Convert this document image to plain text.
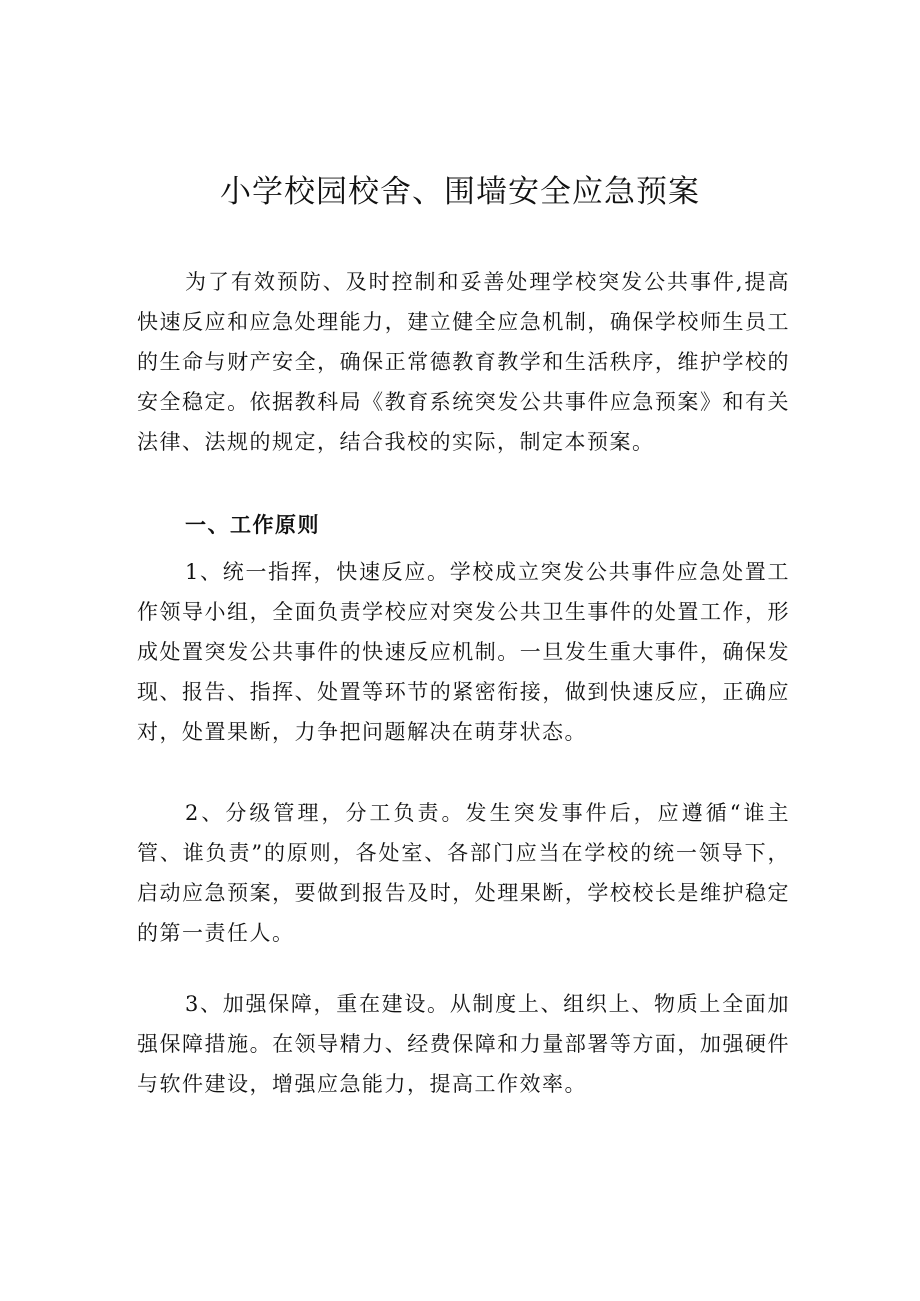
小学校园校舍、围墙安全应急预案

为了有效预防、及时控制和妥善处理学校突发公共事件,提高快速反应和应急处理能力，建立健全应急机制，确保学校师生员工的生命与财产安全，确保正常德教育教学和生活秩序，维护学校的安全稳定。依据教科局《教育系统突发公共事件应急预案》和有关法律、法规的规定，结合我校的实际，制定本预案。

一、工作原则

1、统一指挥，快速反应。学校成立突发公共事件应急处置工作领导小组，全面负责学校应对突发公共卫生事件的处置工作，形成处置突发公共事件的快速反应机制。一旦发生重大事件，确保发现、报告、指挥、处置等环节的紧密衔接，做到快速反应，正确应对，处置果断，力争把问题解决在萌芽状态。

2、分级管理，分工负责。发生突发事件后，应遵循“谁主管、谁负责”的原则，各处室、各部门应当在学校的统一领导下，启动应急预案，要做到报告及时，处理果断，学校校长是维护稳定的第一责任人。

3、加强保障，重在建设。从制度上、组织上、物质上全面加强保障措施。在领导精力、经费保障和力量部署等方面，加强硬件与软件建设，增强应急能力，提高工作效率。
